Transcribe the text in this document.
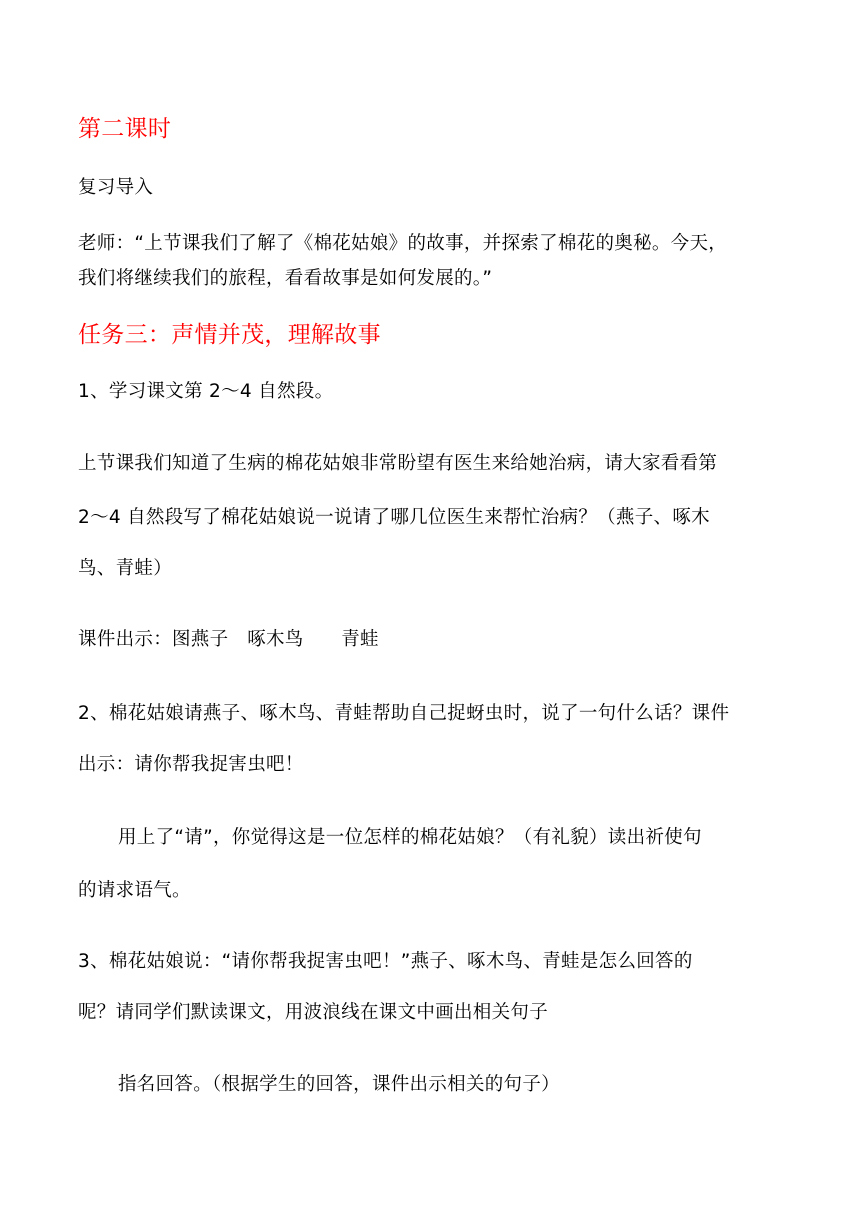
第二课时
复习导入
老师：“上节课我们了解了《棉花姑娘》的故事，并探索了棉花的奥秘。今天，
我们将继续我们的旅程，看看故事是如何发展的。”
任务三：声情并茂，理解故事
1、学习课文第 2～4 自然段。
上节课我们知道了生病的棉花姑娘非常盼望有医生来给她治病，请大家看看第
2～4 自然段写了棉花姑娘说一说请了哪几位医生来帮忙治病？（燕子、啄木
鸟、青蛙）
课件出示：图燕子　啄木鸟　　青蛙
2、棉花姑娘请燕子、啄木鸟、青蛙帮助自己捉蚜虫时，说了一句什么话？课件
出示：请你帮我捉害虫吧！
用上了“请”，你觉得这是一位怎样的棉花姑娘？（有礼貌）读出祈使句
的请求语气。
3、棉花姑娘说：“请你帮我捉害虫吧！”燕子、啄木鸟、青蛙是怎么回答的
呢？请同学们默读课文，用波浪线在课文中画出相关句子
指名回答。（根据学生的回答，课件出示相关的句子）
